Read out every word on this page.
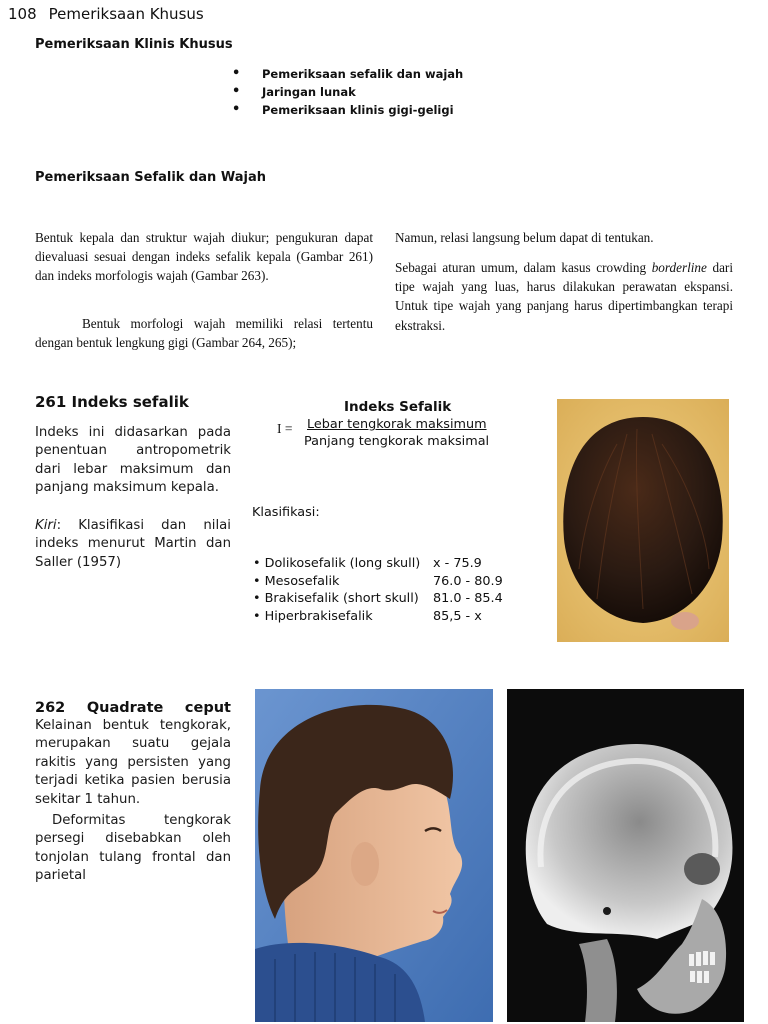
108 Pemeriksaan Khusus
Pemeriksaan Klinis Khusus
• Pemeriksaan sefalik dan wajah
• Jaringan lunak
• Pemeriksaan klinis gigi-geligi
Pemeriksaan Sefalik dan Wajah
Bentuk kepala dan struktur wajah diukur; pengukuran dapat dievaluasi sesuai dengan indeks sefalik kepala (Gambar 261) dan indeks morfologis wajah (Gambar 263).
Bentuk morfologi wajah memiliki relasi tertentu dengan bentuk lengkung gigi (Gambar 264, 265);
Namun, relasi langsung belum dapat di tentukan.
Sebagai aturan umum, dalam kasus crowding borderline dari tipe wajah yang luas, harus dilakukan perawatan ekspansi. Untuk tipe wajah yang panjang harus dipertimbangkan terapi ekstraksi.
261 Indeks sefalik
Indeks ini didasarkan pada penentuan antropometrik dari lebar maksimum dan panjang maksimum kepala.
Kiri: Klasifikasi dan nilai indeks menurut Martin dan Saller (1957)
Indeks Sefalik
I = Lebar tengkorak maksimum
Panjang tengkorak maksimal
Klasifikasi:
• Dolikosefalik (long skull) x - 75.9
• Mesosefalik	76.0 - 80.9
• Brakisefalik (short skull) 81.0 - 85.4
• Hiperbrakisefalik	85,5 - x
262 Quadrate ceput
Kelainan bentuk tengkorak, merupakan suatu gejala rakitis yang persisten yang terjadi ketika pasien berusia sekitar 1 tahun.
Deformitas tengkorak persegi disebabkan oleh tonjolan tulang frontal dan parietal
